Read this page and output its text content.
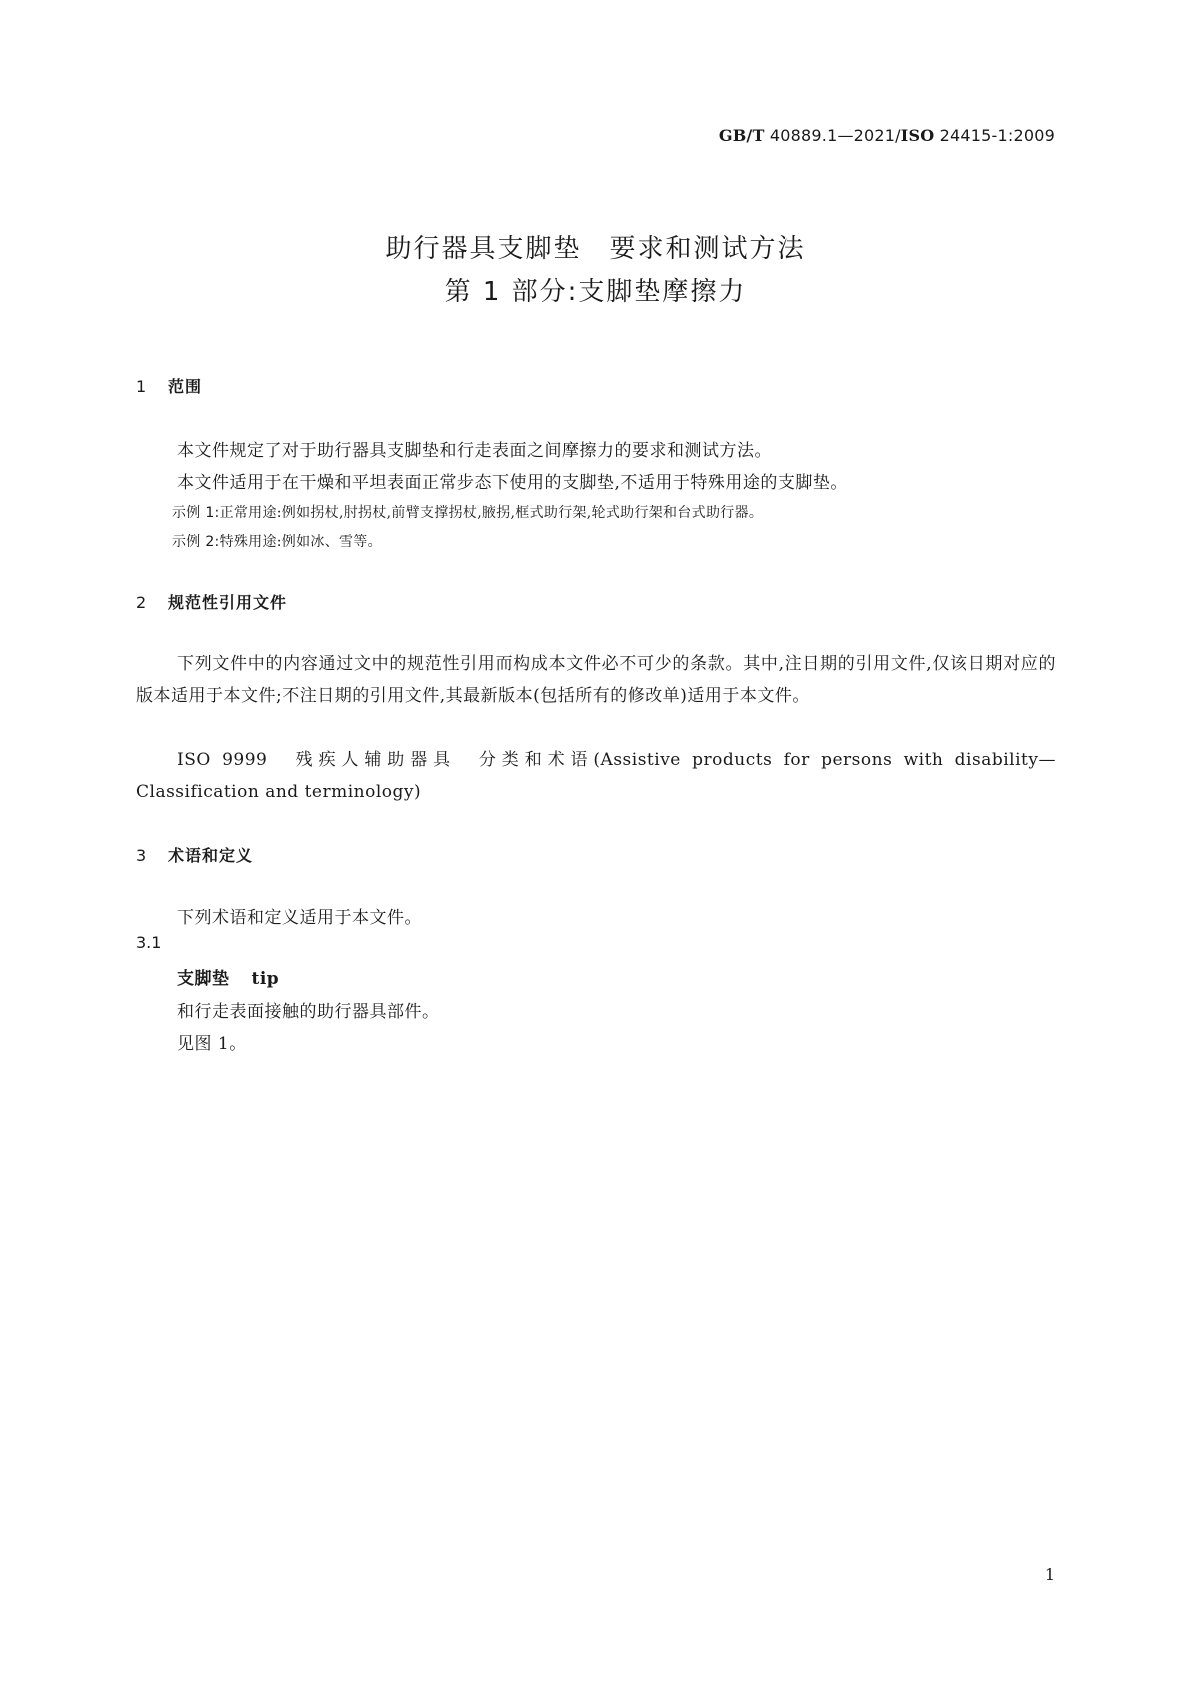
GB/T 40889.1—2021/ISO 24415-1:2009
助行器具支脚垫　要求和测试方法
第 1 部分:支脚垫摩擦力
1 范围
本文件规定了对于助行器具支脚垫和行走表面之间摩擦力的要求和测试方法。
本文件适用于在干燥和平坦表面正常步态下使用的支脚垫,不适用于特殊用途的支脚垫。
示例 1:正常用途:例如拐杖,肘拐杖,前臂支撑拐杖,腋拐,框式助行架,轮式助行架和台式助行器。
示例 2:特殊用途:例如冰、雪等。
2 规范性引用文件
下列文件中的内容通过文中的规范性引用而构成本文件必不可少的条款。其中,注日期的引用文件,仅该日期对应的版本适用于本文件;不注日期的引用文件,其最新版本(包括所有的修改单)适用于本文件。
ISO 9999　残疾人辅助器具　分类和术语(Assistive products for persons with disability—Classification and terminology)
3 术语和定义
下列术语和定义适用于本文件。
3.1
支脚垫 tip
和行走表面接触的助行器具部件。
见图 1。
1
